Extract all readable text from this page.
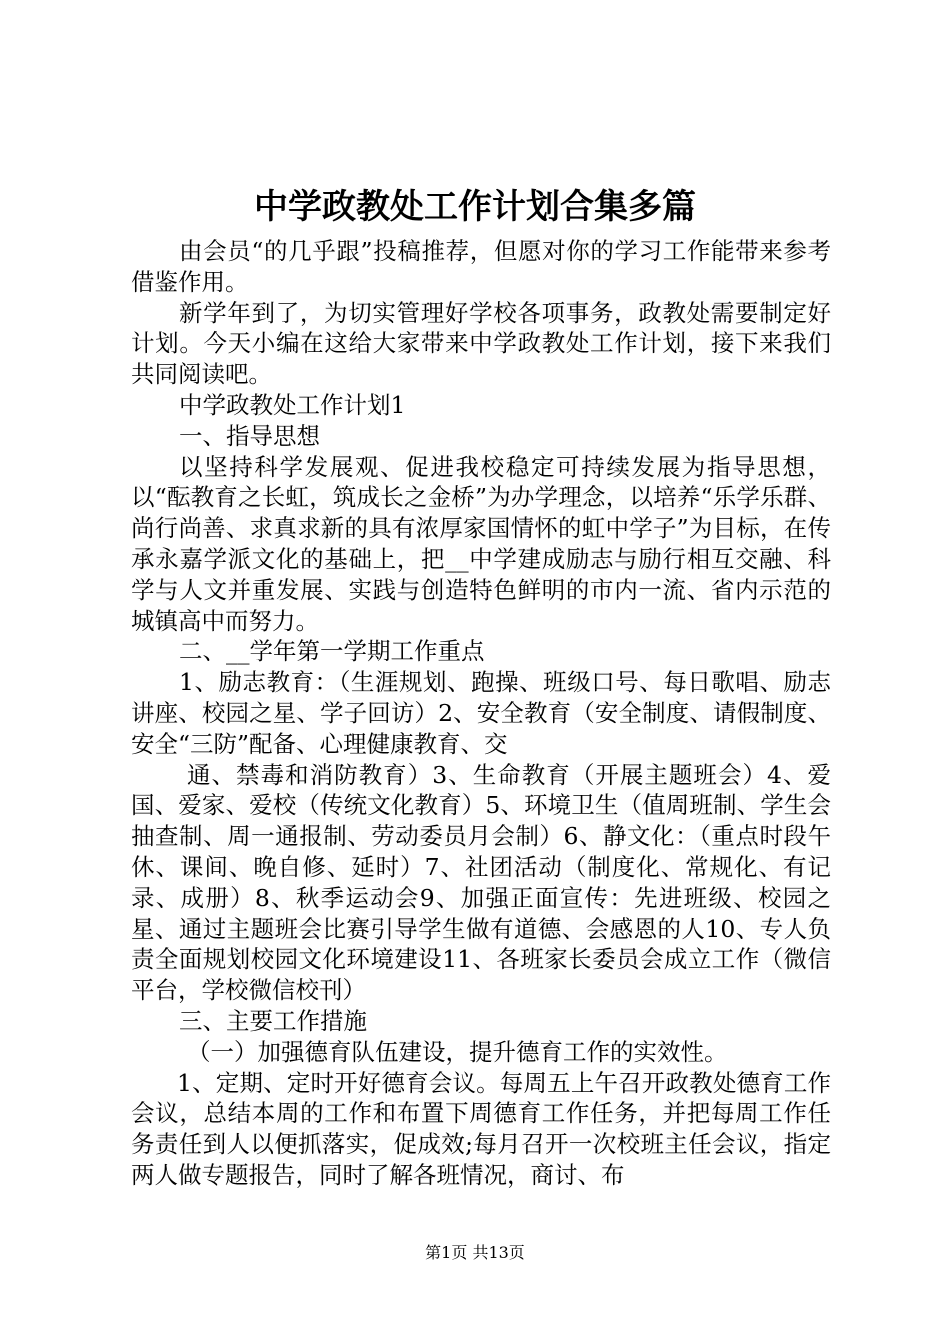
中学政教处工作计划合集多篇

由会员“的几乎跟”投稿推荐，但愿对你的学习工作能带来参考借鉴作用。

新学年到了，为切实管理好学校各项事务，政教处需要制定好计划。今天小编在这给大家带来中学政教处工作计划，接下来我们共同阅读吧。

中学政教处工作计划1

一、指导思想

以坚持科学发展观、促进我校稳定可持续发展为指导思想，以“酝教育之长虹，筑成长之金桥”为办学理念，以培养“乐学乐群、尚行尚善、求真求新的具有浓厚家国情怀的虹中学子”为目标，在传承永嘉学派文化的基础上，把__中学建成励志与励行相互交融、科学与人文并重发展、实践与创造特色鲜明的市内一流、省内示范的城镇高中而努力。

二、__学年第一学期工作重点

1、励志教育：（生涯规划、跑操、班级口号、每日歌唱、励志讲座、校园之星、学子回访）2、安全教育（安全制度、请假制度、安全“三防”配备、心理健康教育、交

通、禁毒和消防教育）3、生命教育（开展主题班会）4、爱国、爱家、爱校（传统文化教育）5、环境卫生（值周班制、学生会抽查制、周一通报制、劳动委员月会制）6、静文化：（重点时段午休、课间、晚自修、延时）7、社团活动（制度化、常规化、有记录、成册）8、秋季运动会9、加强正面宣传：先进班级、校园之星、通过主题班会比赛引导学生做有道德、会感恩的人10、专人负责全面规划校园文化环境建设11、各班家长委员会成立工作（微信平台，学校微信校刊）

三、主要工作措施

（一）加强德育队伍建设，提升德育工作的实效性。

1、定期、定时开好德育会议。每周五上午召开政教处德育工作会议，总结本周的工作和布置下周德育工作任务，并把每周工作任务责任到人以便抓落实，促成效;每月召开一次校班主任会议，指定两人做专题报告，同时了解各班情况，商讨、布

第1页 共13页
